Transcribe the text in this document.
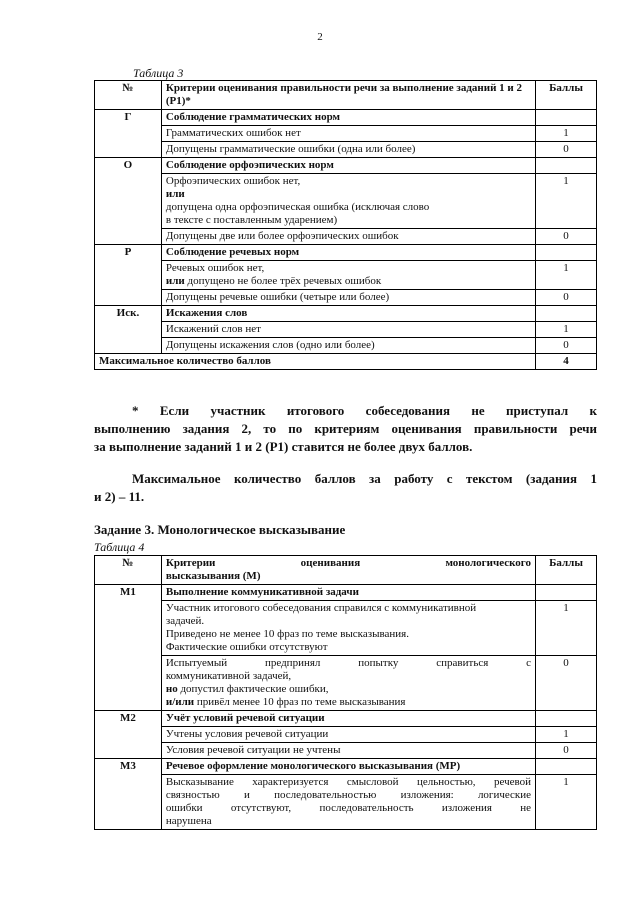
2
Таблица 3
№	Критерии оценивания правильности речи за выполнение заданий 1 и 2 (Р1)*	Баллы
Г	Соблюдение грамматических норм	
	Грамматических ошибок нет	1
	Допущены грамматические ошибки (одна или более)	0
О	Соблюдение орфоэпических норм	

	Орфоэпических ошибок нет,
или
допущена одна орфоэпическая ошибка (исключая слово
в тексте с поставленным ударением)	1
	Допущены две или более орфоэпических ошибок	0
Р	Соблюдение речевых норм	

	Речевых ошибок нет,
или допущено не более трёх речевых ошибок	1
	Допущены речевые ошибки (четыре или более)	0
Иск.	Искажения слов	
	Искажений слов нет	1
	Допущены искажения слов (одно или более)	0
Максимальное количество баллов		4
* Если участник итогового собеседования не приступал к
выполнению задания 2, то по критериям оценивания правильности речи
за выполнение заданий 1 и 2 (Р1) ставится не более двух баллов.
Максимальное количество баллов за работу с текстом (задания 1
и 2) – 11.
Задание 3. Монологическое высказывание
Таблица 4
№	Критерии оценивания монологического
высказывания (М)	Баллы
М1	Выполнение коммуникативной задачи	

	Участник итогового собеседования справился с коммуникативной
задачей.
Приведено не менее 10 фраз по теме высказывания.
Фактические ошибки отсутствуют	1

	Испытуемый предпринял попытку справиться с
коммуникативной задачей,
но допустил фактические ошибки,
и/или привёл менее 10 фраз по теме высказывания	0
М2	Учёт условий речевой ситуации	
	Учтены условия речевой ситуации	1
	Условия речевой ситуации не учтены	0
М3	Речевое оформление монологического высказывания (МР)	

	Высказывание характеризуется смысловой цельностью, речевой
связностью и последовательностью изложения: логические
ошибки отсутствуют, последовательность изложения не
нарушена	1
